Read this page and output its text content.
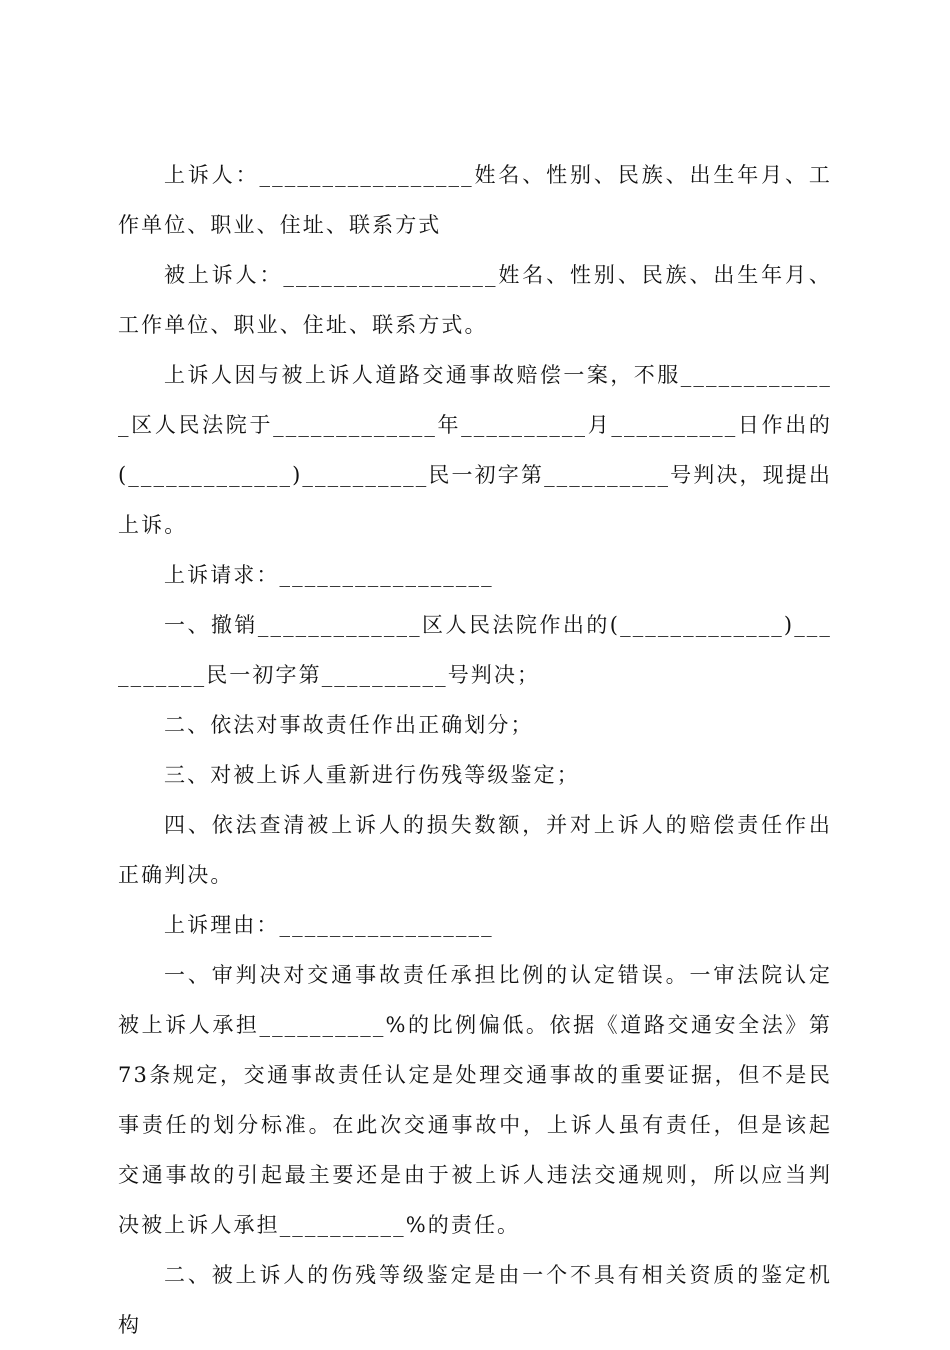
上诉人：_________________姓名、性别、民族、出生年月、工作单位、职业、住址、联系方式

被上诉人：_________________姓名、性别、民族、出生年月、工作单位、职业、住址、联系方式。

上诉人因与被上诉人道路交通事故赔偿一案，不服_____________区人民法院于_____________年__________月__________日作出的(_____________)__________民一初字第__________号判决，现提出上诉。

上诉请求：_________________

一、撤销_____________区人民法院作出的(_____________)__________民一初字第__________号判决；

二、依法对事故责任作出正确划分；

三、对被上诉人重新进行伤残等级鉴定；

四、依法查清被上诉人的损失数额，并对上诉人的赔偿责任作出正确判决。

上诉理由：_________________

一、审判决对交通事故责任承担比例的认定错误。一审法院认定被上诉人承担__________%的比例偏低。依据《道路交通安全法》第73条规定，交通事故责任认定是处理交通事故的重要证据，但不是民事责任的划分标准。在此次交通事故中，上诉人虽有责任，但是该起交通事故的引起最主要还是由于被上诉人违法交通规则，所以应当判决被上诉人承担__________%的责任。

二、被上诉人的伤残等级鉴定是由一个不具有相关资质的鉴定机构
